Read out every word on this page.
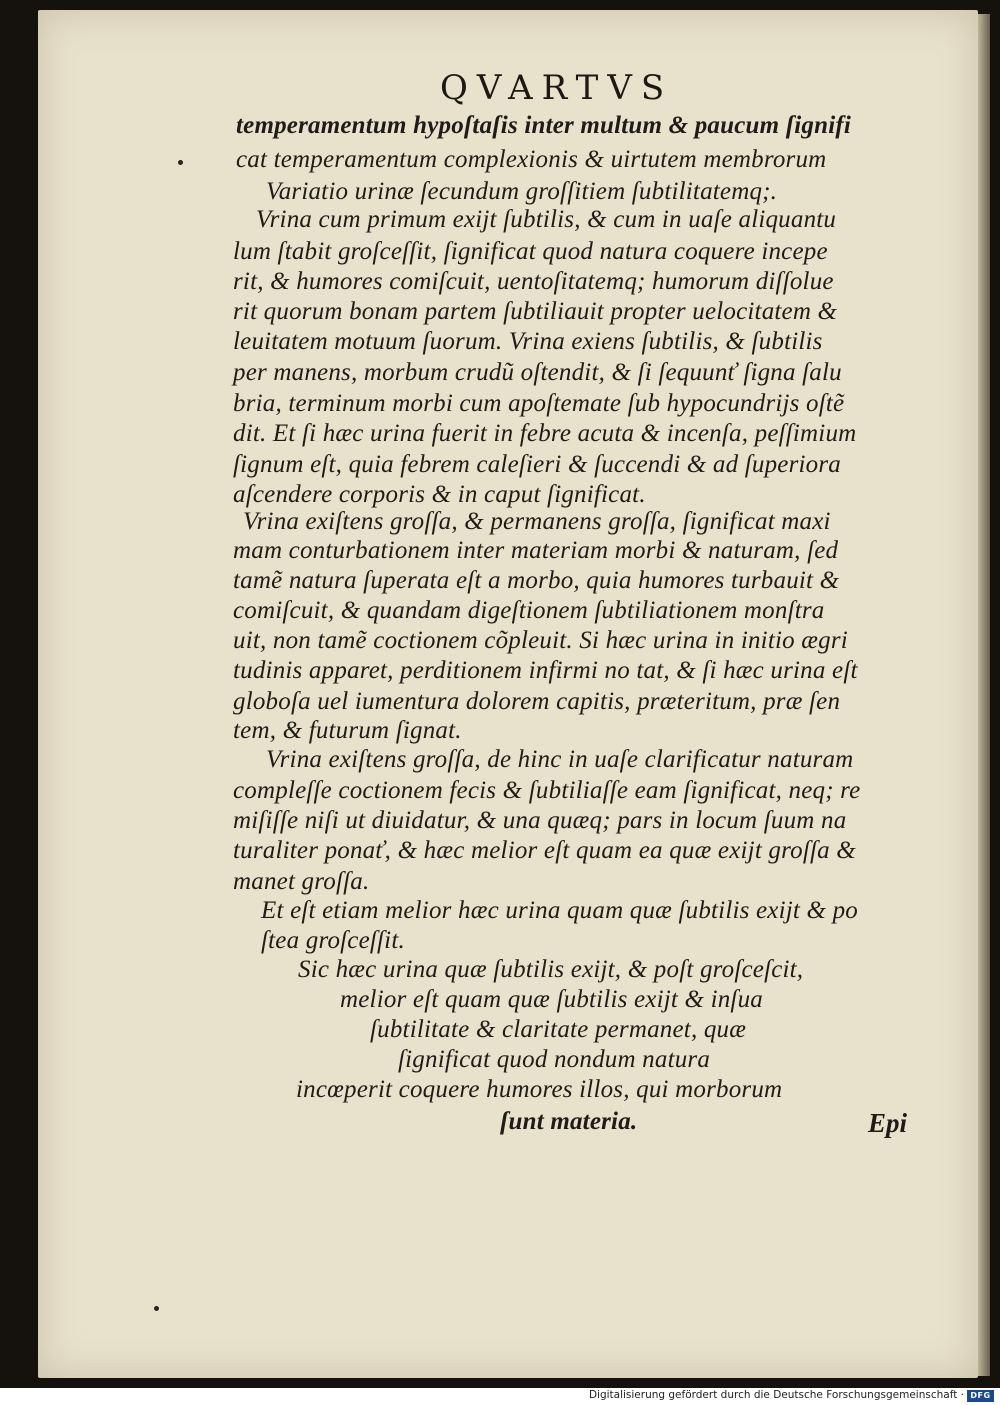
QVARTVS
temperamentum hypoſtaſis inter multum & paucum ſignifi
cat temperamentum complexionis & uirtutem membrorum
Variatio urinæ ſecundum groſſitiem ſubtilitatemq;.
Vrina cum primum exijt ſubtilis, & cum in uaſe aliquantu
lum ſtabit groſceſſit, ſignificat quod natura coquere incepe
rit, & humores comiſcuit, uentoſitatemq; humorum diſſolue
rit quorum bonam partem ſubtiliauit propter uelocitatem &
leuitatem motuum ſuorum. Vrina exiens ſubtilis, & ſubtilis
per manens, morbum crudũ oſtendit, & ſi ſequunť ſigna ſalu
bria, terminum morbi cum apoſtemate ſub hypocundrijs oſtẽ
dit. Et ſi hæc urina fuerit in febre acuta & incenſa, peſſimium
ſignum eſt, quia febrem caleſieri & ſuccendi & ad ſuperiora
aſcendere corporis & in caput ſignificat.
Vrina exiſtens groſſa, & permanens groſſa, ſignificat maxi
mam conturbationem inter materiam morbi & naturam, ſed
tamẽ natura ſuperata eſt a morbo, quia humores turbauit &
comiſcuit, & quandam digeſtionem ſubtiliationem monſtra
uit, non tamẽ coctionem cõpleuit. Si hæc urina in initio ægri
tudinis apparet, perditionem infirmi no tat, & ſi hæc urina eſt
globoſa uel iumentura dolorem capitis, præteritum, præ ſen
tem, & futurum ſignat.
Vrina exiſtens groſſa, de hinc in uaſe clarificatur naturam
compleſſe coctionem fecis & ſubtiliaſſe eam ſignificat, neq; re
miſiſſe niſi ut diuidatur, & una quæq; pars in locum ſuum na
turaliter ponať, & hæc melior eſt quam ea quæ exijt groſſa &
manet groſſa.
Et eſt etiam melior hæc urina quam quæ ſubtilis exijt & po
ſtea groſceſſit.
Sic hæc urina quæ ſubtilis exijt, & poſt groſceſcit,
melior eſt quam quæ ſubtilis exijt & inſua
ſubtilitate & claritate permanet, quæ
ſignificat quod nondum natura
incœperit coquere humores illos, qui morborum
ſunt materia.	Epi
Digitalisierung gefördert durch die Deutsche Forschungsgemeinschaft · DFG
